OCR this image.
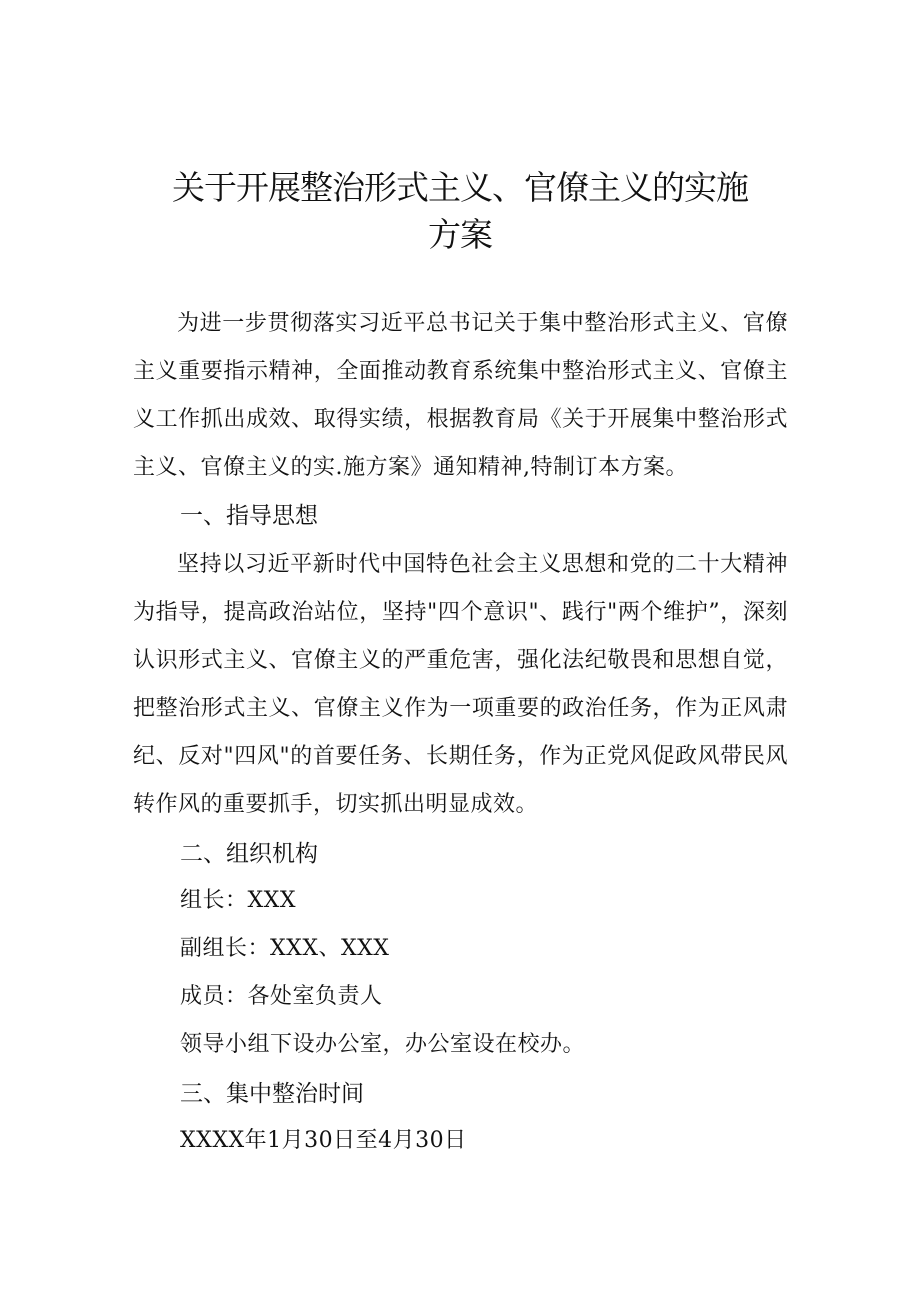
关于开展整治形式主义、官僚主义的实施
方案

为进一步贯彻落实习近平总书记关于集中整治形式主义、官僚主义重要指示精神，全面推动教育系统集中整治形式主义、官僚主义工作抓出成效、取得实绩，根据教育局《关于开展集中整治形式主义、官僚主义的实.施方案》通知精神,特制订本方案。

一、指导思想

坚持以习近平新时代中国特色社会主义思想和党的二十大精神为指导，提高政治站位，坚持"四个意识"、践行"两个维护”，深刻认识形式主义、官僚主义的严重危害，强化法纪敬畏和思想自觉，把整治形式主义、官僚主义作为一项重要的政治任务，作为正风肃纪、反对"四风"的首要任务、长期任务，作为正党风促政风带民风转作风的重要抓手，切实抓出明显成效。

二、组织机构

组长：XXX

副组长：XXX、XXX

成员：各处室负责人

领导小组下设办公室，办公室设在校办。

三、集中整治时间

XXXX年1月30日至4月30日
